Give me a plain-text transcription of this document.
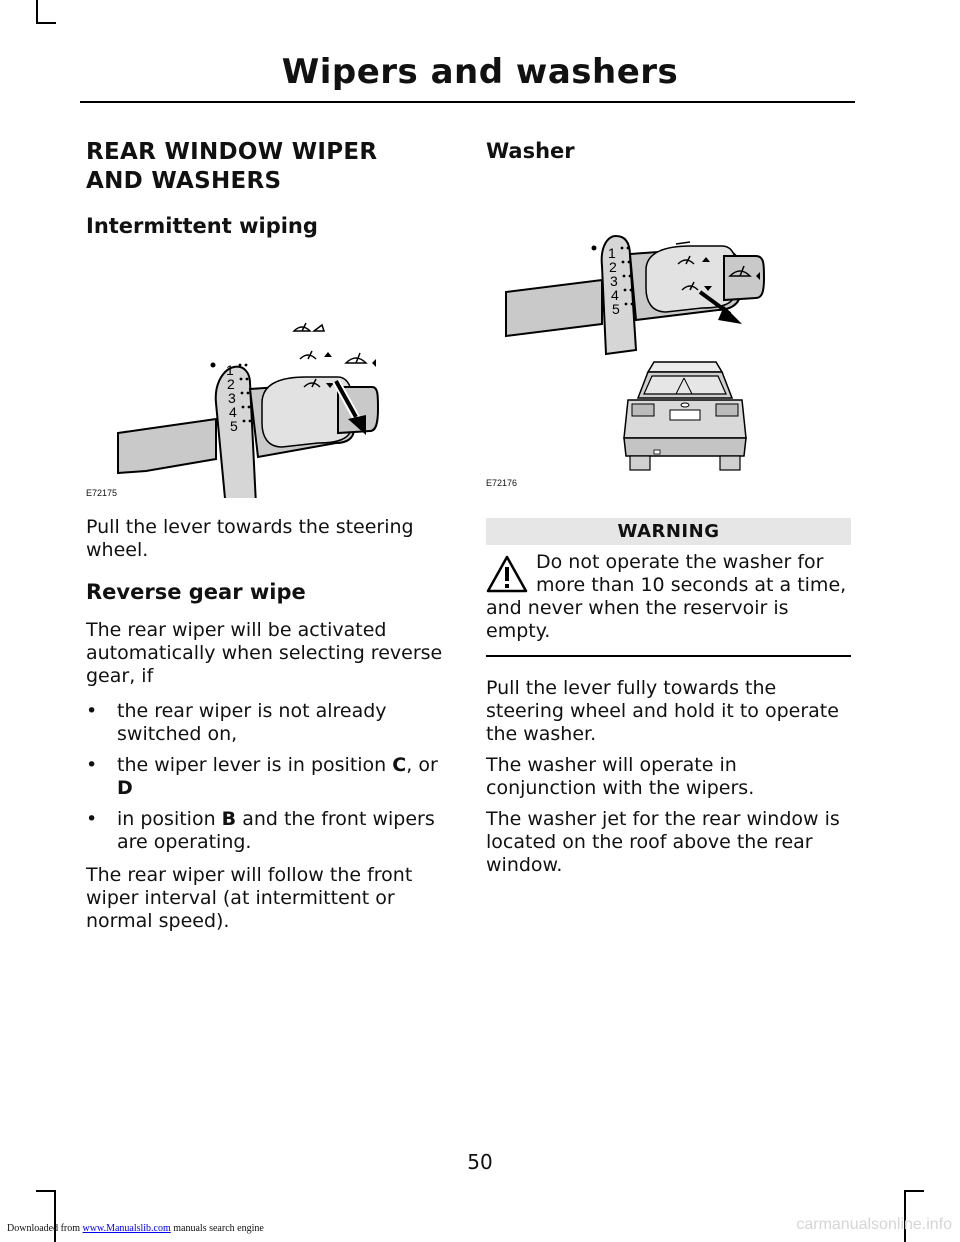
Wipers and washers
REAR WINDOW WIPER AND WASHERS
Intermittent wiping
1
2
3
4
5
E72175

Pull the lever towards the steering wheel.

Reverse gear wipe

The rear wiper will be activated automatically when selecting reverse gear, if

• the rear wiper is not already switched on,
• the wiper lever is in position C, or D
• in position B and the front wipers are operating.

The rear wiper will follow the front wiper interval (at intermittent or normal speed).

Washer
1
2
3
4
5
E72176
WARNING

Do not operate the washer for more than 10 seconds at a time, and never when the reservoir is empty.

Pull the lever fully towards the steering wheel and hold it to operate the washer.

The washer will operate in conjunction with the wipers.

The washer jet for the rear window is located on the roof above the rear window.

50
Downloaded from www.Manualslib.com manuals search engine	carmanualsonline.info
